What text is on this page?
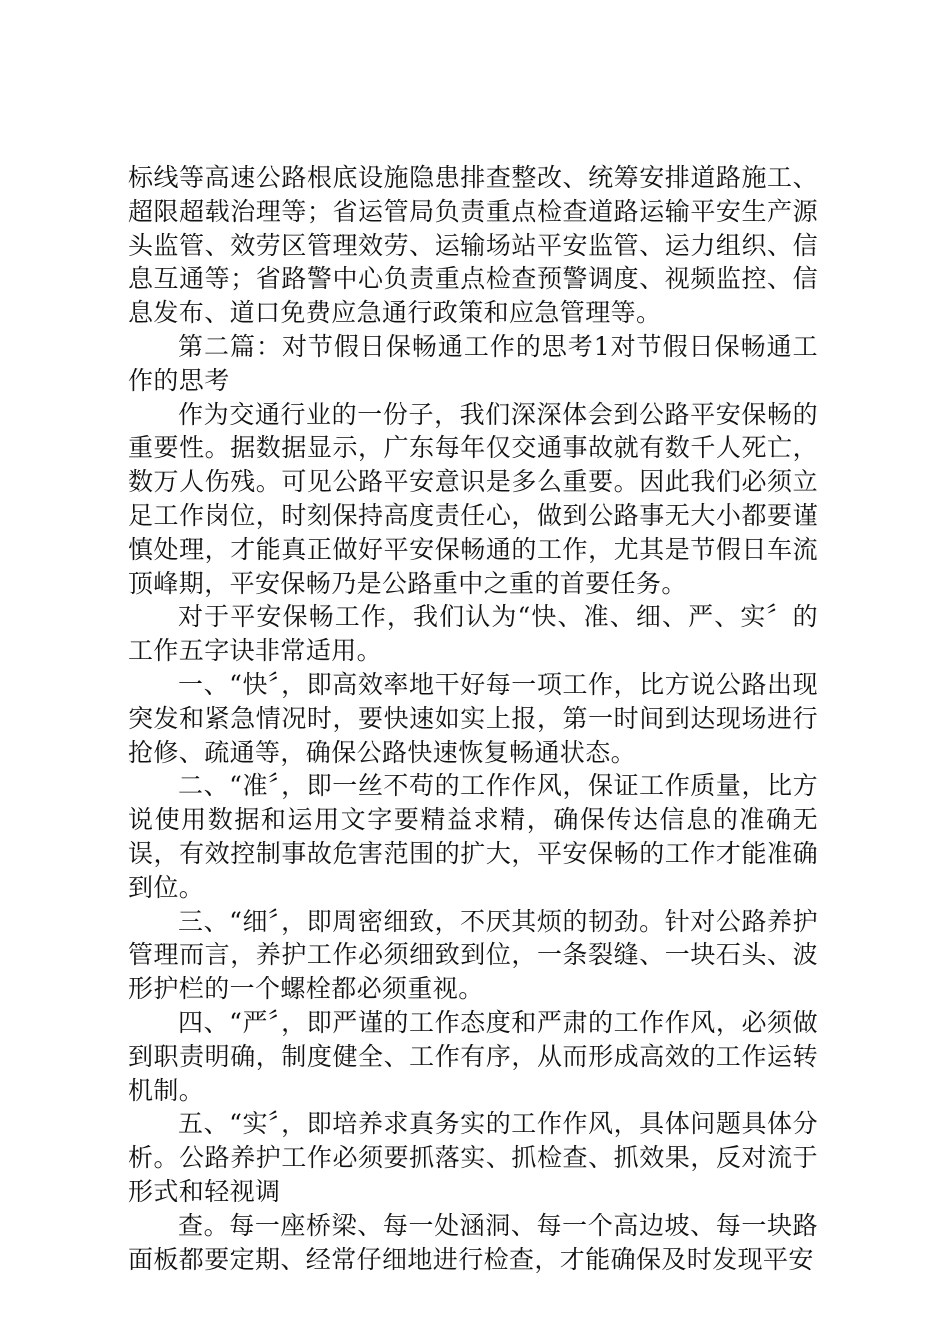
标线等高速公路根底设施隐患排查整改、统筹安排道路施工、超限超载治理等；省运管局负责重点检查道路运输平安生产源头监管、效劳区管理效劳、运输场站平安监管、运力组织、信息互通等；省路警中心负责重点检查预警调度、视频监控、信息发布、道口免费应急通行政策和应急管理等。

第二篇：对节假日保畅通工作的思考1对节假日保畅通工作的思考

作为交通行业的一份子，我们深深体会到公路平安保畅的重要性。据数据显示，广东每年仅交通事故就有数千人死亡，数万人伤残。可见公路平安意识是多么重要。因此我们必须立足工作岗位，时刻保持高度责任心，做到公路事无大小都要谨慎处理，才能真正做好平安保畅通的工作，尤其是节假日车流顶峰期，平安保畅乃是公路重中之重的首要任务。

对于平安保畅工作，我们认为“快、准、细、严、实〞的工作五字诀非常适用。

一、“快〞，即高效率地干好每一项工作，比方说公路出现突发和紧急情况时，要快速如实上报，第一时间到达现场进行抢修、疏通等，确保公路快速恢复畅通状态。

二、“准〞，即一丝不苟的工作作风，保证工作质量，比方说使用数据和运用文字要精益求精，确保传达信息的准确无误，有效控制事故危害范围的扩大，平安保畅的工作才能准确到位。

三、“细〞，即周密细致，不厌其烦的韧劲。针对公路养护管理而言，养护工作必须细致到位，一条裂缝、一块石头、波形护栏的一个螺栓都必须重视。

四、“严〞，即严谨的工作态度和严肃的工作作风，必须做到职责明确，制度健全、工作有序，从而形成高效的工作运转机制。

五、“实〞，即培养求真务实的工作作风，具体问题具体分析。公路养护工作必须要抓落实、抓检查、抓效果，反对流于形式和轻视调

查。每一座桥梁、每一处涵洞、每一个高边坡、每一块路面板都要定期、经常仔细地进行检查，才能确保及时发现平安
